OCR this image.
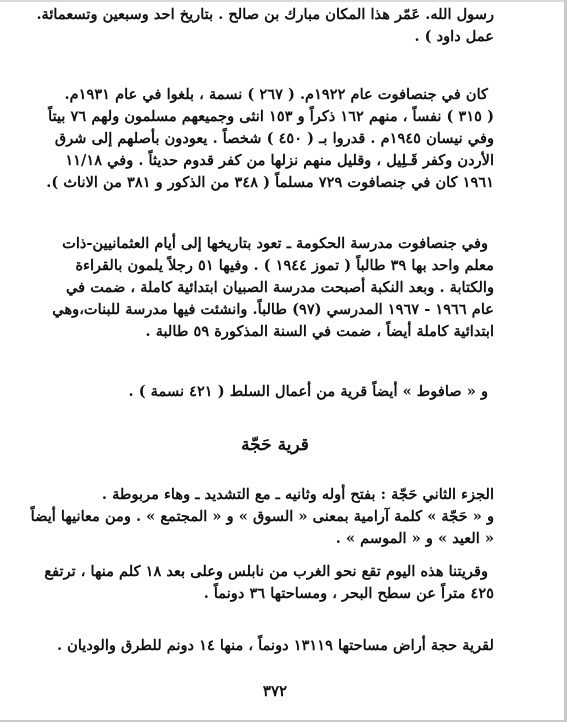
رسول الله. عَمّر هذا المكان مبارك بن صالح . بتاريخ احد وسبعين وتسعمائة.
عمل داود ) .
كان في جنصافوت عام ١٩٢٢م. ( ٢٦٧ ) نسمة ، بلغوا في عام ١٩٣١م.
( ٣١٥ ) نفساً ، منهم ١٦٢ ذكراً و ١٥٣ انثى وجميعهم مسلمون ولهم ٧٦ بيتاً
وفي نيسان ١٩٤٥م . قدروا بـ ( ٤٥٠ ) شخصاً . يعودون بأصلهم إلى شرق
الأردن وكفر قَـلِيل ، وقليل منهم نزلها من كفر قدوم حديثاً . وفي ١١/١٨
١٩٦١ كان في جنصافوت ٧٢٩ مسلماً ( ٣٤٨ من الذكور و ٣٨١ من الاناث ).
وفي جنصافوت مدرسة الحكومة ـ تعود بتاريخها إلى أيام العثمانيين-ذات
معلم واحد بها ٣٩ طالباً ( تموز ١٩٤٤ ) . وفيها ٥١ رجلاً يلمون بالقراءة
والكتابة . وبعد النكبة أصبحت مدرسة الصبيان ابتدائية كاملة ، ضمت في
عام ١٩٦٦ - ١٩٦٧ المدرسي (٩٧) طالباً. وانشئت فيها مدرسة للبنات،وهي
ابتدائية كاملة أيضاً ، ضمت في السنة المذكورة ٥٩ طالبة .
و « صافوط » أيضاً قرية من أعمال السلط ( ٤٢١ نسمة ) .
قرية حَجّة
الجزء الثاني حَجّة : بفتح أوله وثانيه ـ مع التشديد ـ وهاء مربوطة .
و « حَجّة » كلمة آرامية بمعنى « السوق » و « المجتمع » . ومن معانيها أيضاً
« العيد » و « الموسم » .
وقريتنا هذه اليوم تقع نحو الغرب من نابلس وعلى بعد ١٨ كلم منها ، ترتفع
٤٢٥ متراً عن سطح البحر ، ومساحتها ٣٦ دونماً .
لقرية حجة أراض مساحتها ١٣١١٩ دونماً ، منها ١٤ دونم للطرق والوديان .
٣٧٢
